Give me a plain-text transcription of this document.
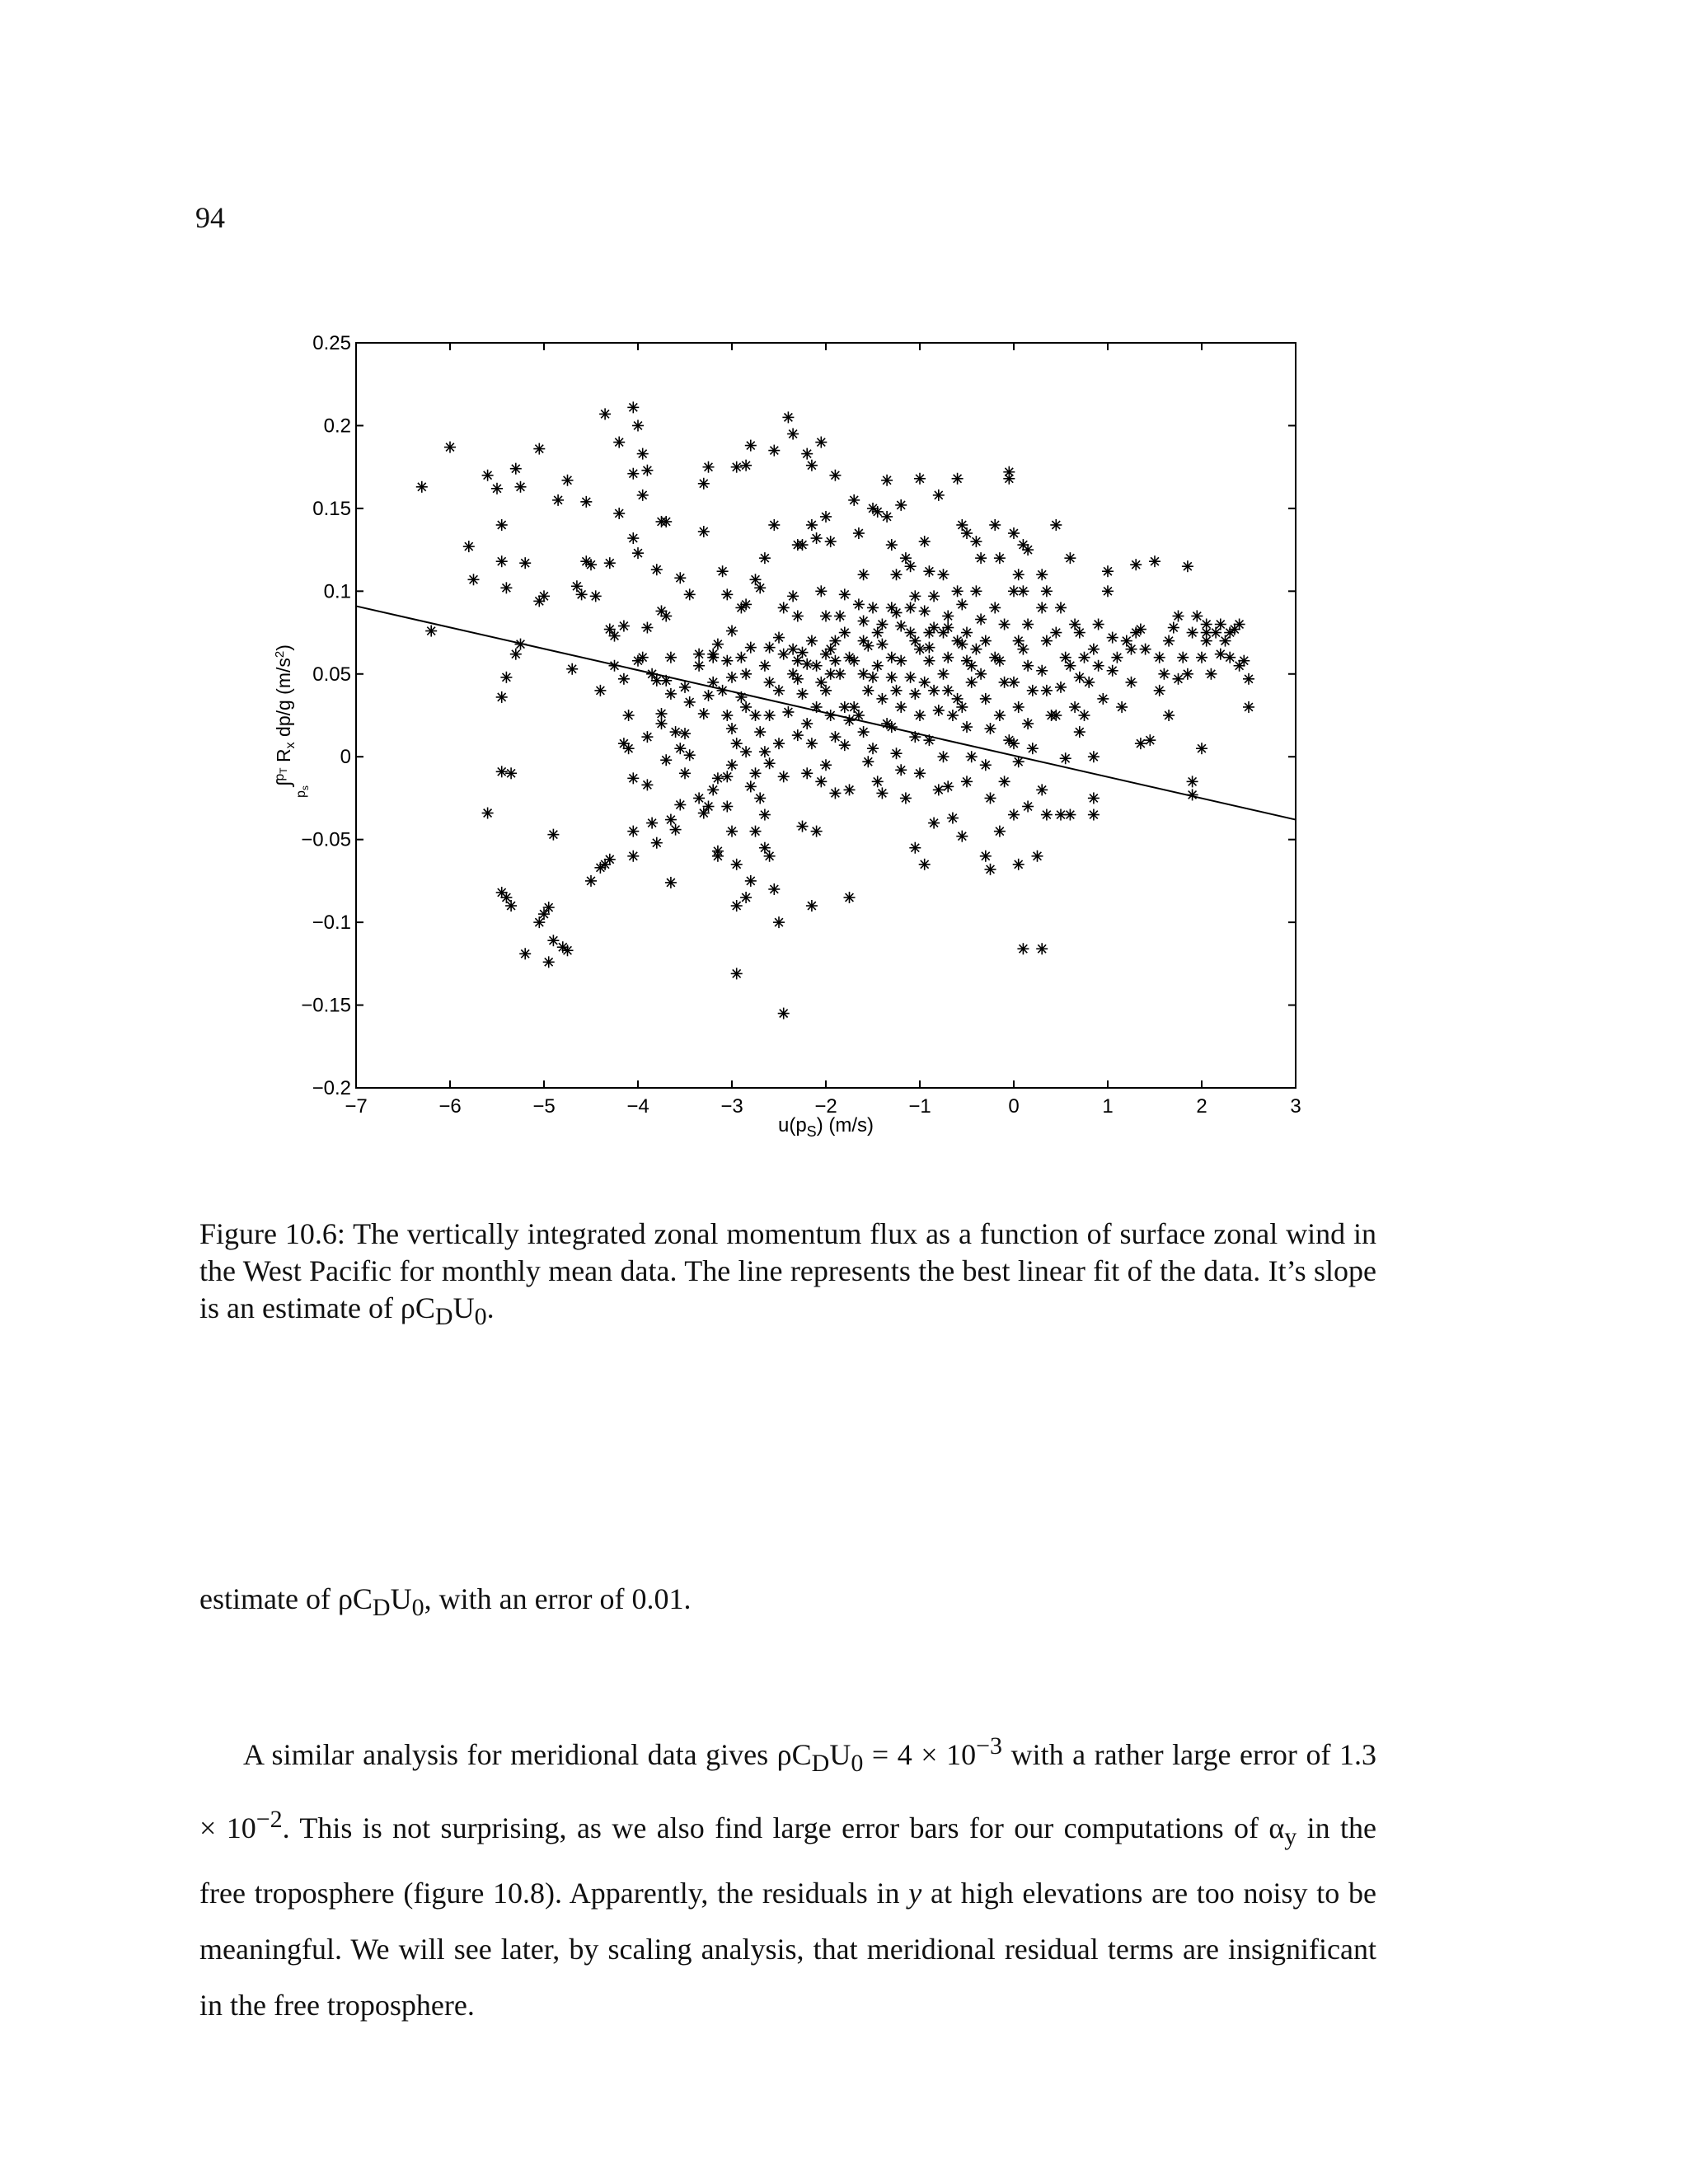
94
−7	−6	−5	−4	−3	−2	−1	0	1	2	3
0.25
0.2
0.15
0.1
0.05
0
−0.05
−0.1
−0.15
−0.2
$u(p_S)$ (m/s)
∫$^p$T $R_x$ dp/g $(m/s^2)$
$p_s$
Figure 10.6: The vertically integrated zonal momentum flux as a function of surface zonal wind in the West Pacific for monthly mean data. The line represents the best linear fit of the data. It’s slope is an estimate of $\rho C_DU_0$.
estimate of $\rho C_DU_0$, with an error of 0.01.
A similar analysis for meridional data gives $\rho C_DU_0 = 4 \times 10^{-3}$ with a rather large error of $1.3 \times 10^{-2}$. This is not surprising, as we also find large error bars for our computations of $\alpha_y$ in the free troposphere (figure 10.8). Apparently, the residuals in y at high elevations are too noisy to be meaningful. We will see later, by scaling analysis, that meridional residual terms are insignificant in the free troposphere.
